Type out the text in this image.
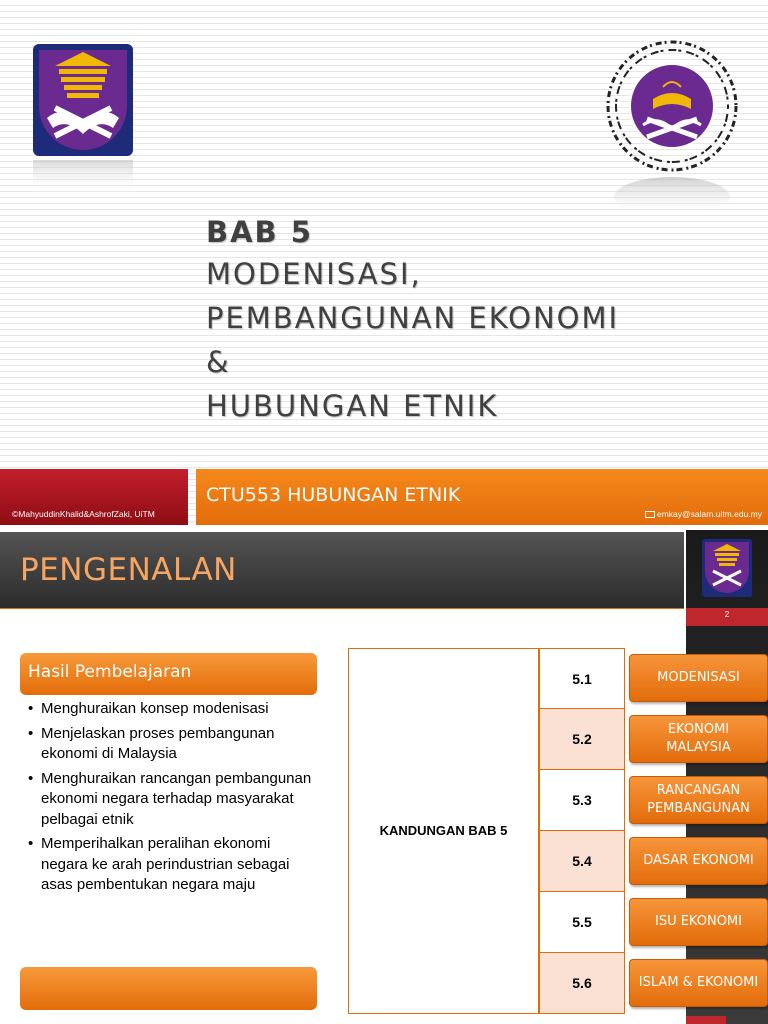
BAB 5
MODENISASI,
PEMBANGUNAN EKONOMI
&
HUBUNGAN ETNIK
©MahyuddinKhalid&AshrofZaki, UiTM
CTU553 HUBUNGAN ETNIK
emkay@salam.uitm.edu.my
PENGENALAN
2
Hasil Pembelajaran
• Menghuraikan konsep modenisasi
• Menjelaskan proses pembangunan ekonomi di Malaysia
• Menghuraikan rancangan pembangunan ekonomi negara terhadap masyarakat pelbagai etnik
• Memperihalkan peralihan ekonomi negara ke arah perindustrian sebagai asas pembentukan negara maju
KANDUNGAN BAB 5
5.1
5.2
5.3
5.4
5.5
5.6
MODENISASI
EKONOMI
MALAYSIA
RANCANGAN
PEMBANGUNAN
DASAR EKONOMI
ISU EKONOMI
ISLAM & EKONOMI
